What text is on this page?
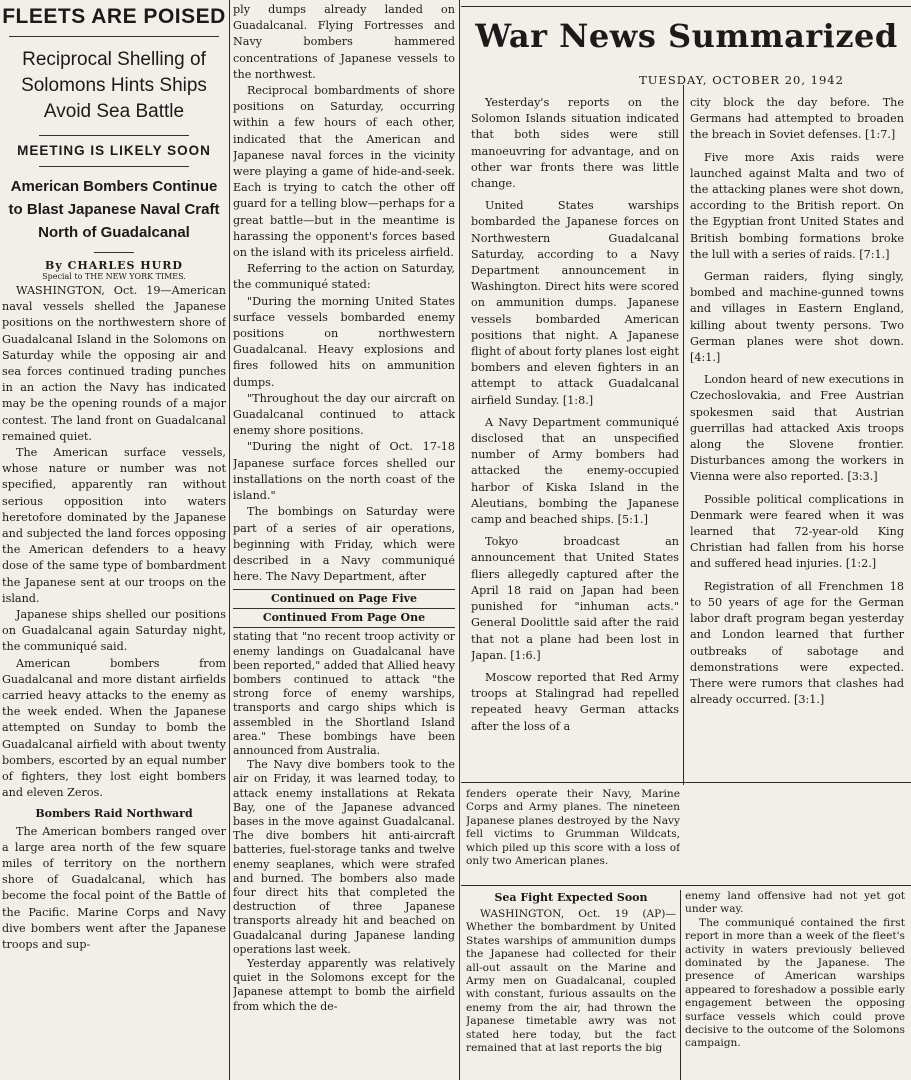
FLEETS ARE POISED
Reciprocal Shelling of Solomons Hints Ships Avoid Sea Battle
MEETING IS LIKELY SOON
American Bombers Continue to Blast Japanese Naval Craft North of Guadalcanal
By CHARLES HURD
Special to THE NEW YORK TIMES.

WASHINGTON, Oct. 19—American naval vessels shelled the Japanese positions on the northwestern shore of Guadalcanal Island in the Solomons on Saturday while the opposing air and sea forces continued trading punches in an action the Navy has indicated may be the opening rounds of a major contest. The land front on Guadalcanal remained quiet.

The American surface vessels, whose nature or number was not specified, apparently ran without serious opposition into waters heretofore dominated by the Japanese and subjected the land forces opposing the American defenders to a heavy dose of the same type of bombardment the Japanese sent at our troops on the island.

Japanese ships shelled our positions on Guadalcanal again Saturday night, the communiqué said.

American bombers from Guadalcanal and more distant airfields carried heavy attacks to the enemy as the week ended. When the Japanese attempted on Sunday to bomb the Guadalcanal airfield with about twenty bombers, escorted by an equal number of fighters, they lost eight bombers and eleven Zeros.

Bombers Raid Northward

The American bombers ranged over a large area north of the few square miles of territory on the northern shore of Guadalcanal, which has become the focal point of the Battle of the Pacific. Marine Corps and Navy dive bombers went after the Japanese troops and sup-

ply dumps already landed on Guadalcanal. Flying Fortresses and Navy bombers hammered concentrations of Japanese vessels to the northwest.

Reciprocal bombardments of shore positions on Saturday, occurring within a few hours of each other, indicated that the American and Japanese naval forces in the vicinity were playing a game of hide-and-seek. Each is trying to catch the other off guard for a telling blow—perhaps for a great battle—but in the meantime is harassing the opponent's forces based on the island with its priceless airfield.

Referring to the action on Saturday, the communiqué stated:

"During the morning United States surface vessels bombarded enemy positions on northwestern Guadalcanal. Heavy explosions and fires followed hits on ammunition dumps.

"Throughout the day our aircraft on Guadalcanal continued to attack enemy shore positions.

"During the night of Oct. 17-18 Japanese surface forces shelled our installations on the north coast of the island."

The bombings on Saturday were part of a series of air operations, beginning with Friday, which were described in a Navy communiqué here. The Navy Department, after

Continued on Page Five
Continued From Page One

stating that "no recent troop activity or enemy landings on Guadalcanal have been reported," added that Allied heavy bombers continued to attack "the strong force of enemy warships, transports and cargo ships which is assembled in the Shortland Island area." These bombings have been announced from Australia.

The Navy dive bombers took to the air on Friday, it was learned today, to attack enemy installations at Rekata Bay, one of the Japanese advanced bases in the move against Guadalcanal. The dive bombers hit anti-aircraft batteries, fuel-storage tanks and twelve enemy seaplanes, which were strafed and burned. The bombers also made four direct hits that completed the destruction of three Japanese transports already hit and beached on Guadalcanal during Japanese landing operations last week.

Yesterday apparently was relatively quiet in the Solomons except for the Japanese attempt to bomb the airfield from which the de-

War News Summarized
TUESDAY, OCTOBER 20, 1942

Yesterday's reports on the Solomon Islands situation indicated that both sides were still manoeuvring for advantage, and on other war fronts there was little change.

United States warships bombarded the Japanese forces on Northwestern Guadalcanal Saturday, according to a Navy Department announcement in Washington. Direct hits were scored on ammunition dumps. Japanese vessels bombarded American positions that night. A Japanese flight of about forty planes lost eight bombers and eleven fighters in an attempt to attack Guadalcanal airfield Sunday. [1:8.]

A Navy Department communiqué disclosed that an unspecified number of Army bombers had attacked the enemy-occupied harbor of Kiska Island in the Aleutians, bombing the Japanese camp and beached ships. [5:1.]

Tokyo broadcast an announcement that United States fliers allegedly captured after the April 18 raid on Japan had been punished for "inhuman acts." General Doolittle said after the raid that not a plane had been lost in Japan. [1:6.]

Moscow reported that Red Army troops at Stalingrad had repelled repeated heavy German attacks after the loss of a

city block the day before. The Germans had attempted to broaden the breach in Soviet defenses. [1:7.]

Five more Axis raids were launched against Malta and two of the attacking planes were shot down, according to the British report. On the Egyptian front United States and British bombing formations broke the lull with a series of raids. [7:1.]

German raiders, flying singly, bombed and machine-gunned towns and villages in Eastern England, killing about twenty persons. Two German planes were shot down. [4:1.]

London heard of new executions in Czechoslovakia, and Free Austrian spokesmen said that Austrian guerrillas had attacked Axis troops along the Slovene frontier. Disturbances among the workers in Vienna were also reported. [3:3.]

Possible political complications in Denmark were feared when it was learned that 72-year-old King Christian had fallen from his horse and suffered head injuries. [1:2.]

Registration of all Frenchmen 18 to 50 years of age for the German labor draft program began yesterday and London learned that further outbreaks of sabotage and demonstrations were expected. There were rumors that clashes had already occurred. [3:1.]

fenders operate their Navy, Marine Corps and Army planes. The nineteen Japanese planes destroyed by the Navy fell victims to Grumman Wildcats, which piled up this score with a loss of only two American planes.

Sea Fight Expected Soon

WASHINGTON, Oct. 19 (AP)—Whether the bombardment by United States warships of ammunition dumps the Japanese had collected for their all-out assault on the Marine and Army men on Guadalcanal, coupled with constant, furious assaults on the enemy from the air, had thrown the Japanese timetable awry was not stated here today, but the fact remained that at last reports the big

enemy land offensive had not yet got under way.

The communiqué contained the first report in more than a week of the fleet's activity in waters previously believed dominated by the Japanese. The presence of American warships appeared to foreshadow a possible early engagement between the opposing surface vessels which could prove decisive to the outcome of the Solomons campaign.
